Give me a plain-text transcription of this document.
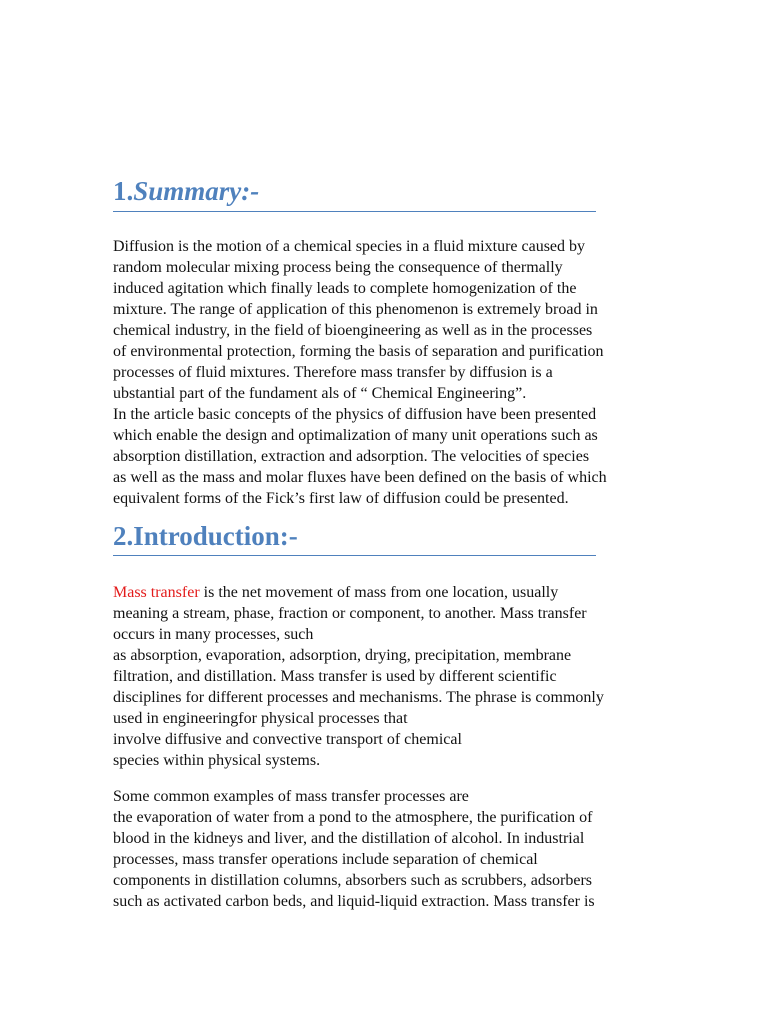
1.Summary:-

Diffusion is the motion of a chemical species in a fluid mixture caused by
random molecular mixing process being the consequence of thermally
induced agitation which finally leads to complete homogenization of the
mixture. The range of application of this phenomenon is extremely broad in
chemical industry, in the field of bioengineering as well as in the processes
of environmental protection, forming the basis of separation and purification
processes of fluid mixtures. Therefore mass transfer by diffusion is a
ubstantial part of the fundament als of “ Chemical Engineering”.
In the article basic concepts of the physics of diffusion have been presented
which enable the design and optimalization of many unit operations such as
absorption distillation, extraction and adsorption. The velocities of species
as well as the mass and molar fluxes have been defined on the basis of which
equivalent forms of the Fick’s first law of diffusion could be presented.

2.Introduction:-

Mass transfer is the net movement of mass from one location, usually
meaning a stream, phase, fraction or component, to another. Mass transfer
occurs in many processes, such
as absorption, evaporation, adsorption, drying, precipitation, membrane
filtration, and distillation. Mass transfer is used by different scientific
disciplines for different processes and mechanisms. The phrase is commonly
used in engineeringfor physical processes that
involve diffusive and convective transport of chemical
species within physical systems.

Some common examples of mass transfer processes are
the evaporation of water from a pond to the atmosphere, the purification of
blood in the kidneys and liver, and the distillation of alcohol. In industrial
processes, mass transfer operations include separation of chemical
components in distillation columns, absorbers such as scrubbers, adsorbers
such as activated carbon beds, and liquid-liquid extraction. Mass transfer is
